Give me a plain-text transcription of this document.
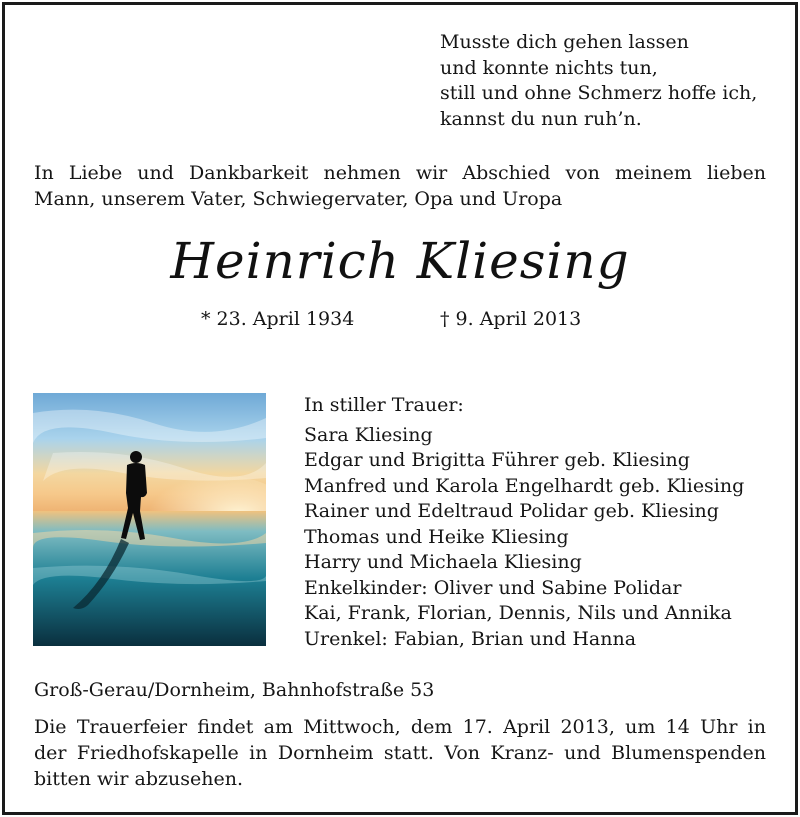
Musste dich gehen lassen
und konnte nichts tun,
still und ohne Schmerz hoffe ich,
kannst du nun ruh’n.
In Liebe und Dankbarkeit nehmen wir Abschied von meinem lieben
Mann, unserem Vater, Schwiegervater, Opa und Uropa
Heinrich Kliesing
* 23. April 1934	† 9. April 2013
In stiller Trauer:
Sara Kliesing
Edgar und Brigitta Führer geb. Kliesing
Manfred und Karola Engelhardt geb. Kliesing
Rainer und Edeltraud Polidar geb. Kliesing
Thomas und Heike Kliesing
Harry und Michaela Kliesing
Enkelkinder: Oliver und Sabine Polidar
Kai, Frank, Florian, Dennis, Nils und Annika
Urenkel: Fabian, Brian und Hanna
Groß-Gerau/Dornheim, Bahnhofstraße 53
Die Trauerfeier findet am Mittwoch, dem 17. April 2013, um 14 Uhr in
der Friedhofskapelle in Dornheim statt. Von Kranz- und Blumenspenden
bitten wir abzusehen.
